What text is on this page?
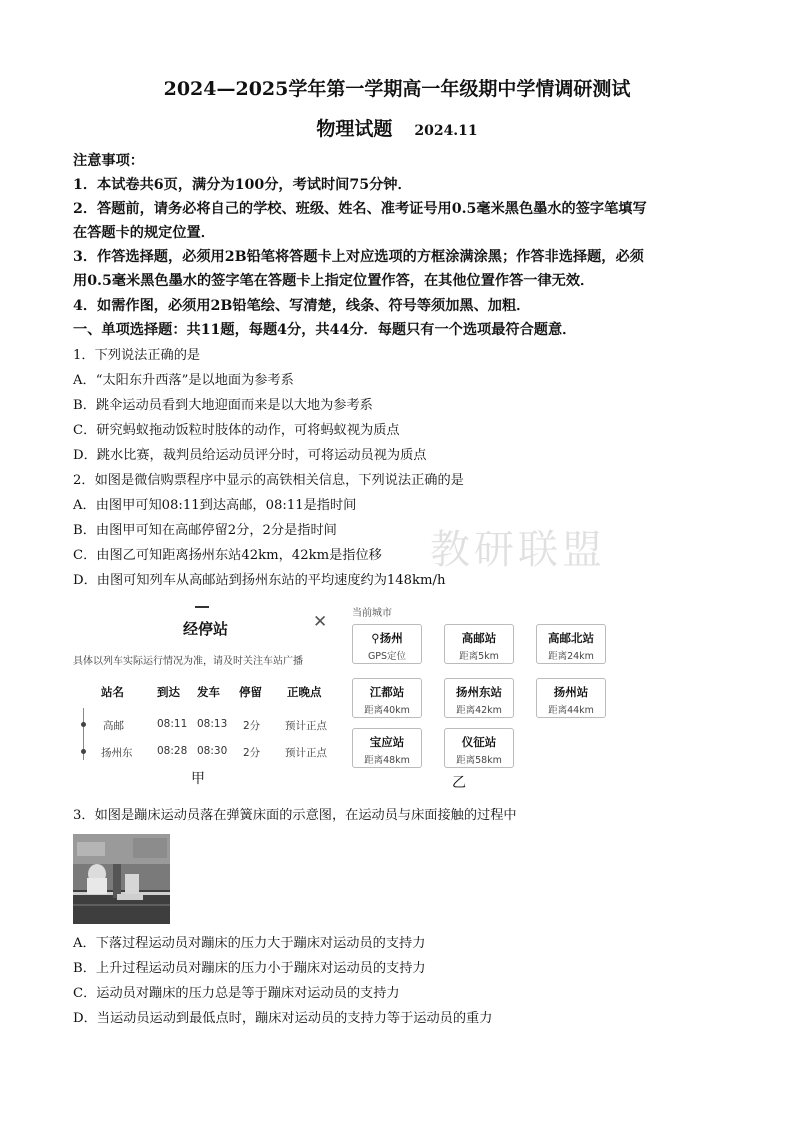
2024—2025学年第一学期高一年级期中学情调研测试
物理试题 2024.11
注意事项：
1．本试卷共6页，满分为100分，考试时间75分钟．
2．答题前，请务必将自己的学校、班级、姓名、准考证号用0.5毫米黑色墨水的签字笔填写
在答题卡的规定位置．
3．作答选择题，必须用2B铅笔将答题卡上对应选项的方框涂满涂黑；作答非选择题，必须
用0.5毫米黑色墨水的签字笔在答题卡上指定位置作答，在其他位置作答一律无效．
4．如需作图，必须用2B铅笔绘、写清楚，线条、符号等须加黑、加粗．
一、单项选择题：共11题，每题4分，共44分．每题只有一个选项最符合题意．
1．下列说法正确的是
A．“太阳东升西落”是以地面为参考系
B．跳伞运动员看到大地迎面而来是以大地为参考系
C．研究蚂蚁拖动饭粒时肢体的动作，可将蚂蚁视为质点
D．跳水比赛，裁判员给运动员评分时，可将运动员视为质点
2．如图是微信购票程序中显示的高铁相关信息，下列说法正确的是
A．由图甲可知08:11到达高邮，08:11是指时间
B．由图甲可知在高邮停留2分，2分是指时间
C．由图乙可知距离扬州东站42km，42km是指位移
D．由图可知列车从高邮站到扬州东站的平均速度约为148km/h
教研联盟
经停站	✕
具体以列车实际运行情况为准，请及时关注车站广播
站名	到达 发车 停留 正晚点
高邮	08:11 08:13 2分 预计正点
扬州东 08:28 08:30 2分 预计正点
甲
当前城市
⚲扬州
GPS定位
高邮站
距离5km
高邮北站
距离24km
江都站
距离40km
扬州东站
距离42km
扬州站
距离44km
宝应站
距离48km
仪征站
距离58km
乙
3．如图是蹦床运动员落在弹簧床面的示意图，在运动员与床面接触的过程中
A．下落过程运动员对蹦床的压力大于蹦床对运动员的支持力
B．上升过程运动员对蹦床的压力小于蹦床对运动员的支持力
C．运动员对蹦床的压力总是等于蹦床对运动员的支持力
D．当运动员运动到最低点时，蹦床对运动员的支持力等于运动员的重力
